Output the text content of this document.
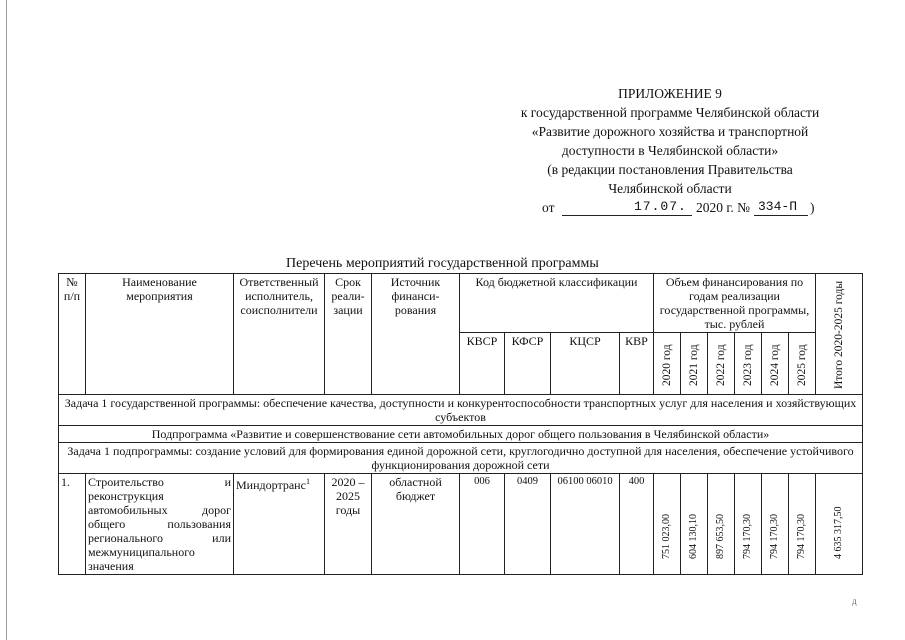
ПРИЛОЖЕНИЕ 9
к государственной программе Челябинской области
«Развитие дорожного хозяйства и транспортной
доступности в Челябинской области»
(в редакции постановления Правительства
Челябинской области
от	17.07. 2020 г. № 334-П )
Перечень мероприятий государственной программы
№ п/п	Наименование мероприятия	Ответственный исполнитель, соисполнители	Срок реали-зации	Источник финанси-рования	Код бюджетной классификации				Объем финансирования по годам реализации государственной программы, тыс. рублей						Итого 2020-2025 годы

					КВСР	КФСР	КЦСР	КВР	2020 год	2021 год	2022 год	2023 год	2024 год	2025 год	

Задача 1 государственной программы: обеспечение качества, доступности и конкурентоспособности транспортных услуг для населения и хозяйствующих субъектов															
Подпрограмма «Развитие и совершенствование сети автомобильных дорог общего пользования в Челябинской области»															
Задача 1 подпрограммы: создание условий для формирования единой дорожной сети, круглогодично доступной для населения, обеспечение устойчивого функционирования дорожной сети															
1.	Строительство и реконструкция автомобильных дорог общего пользования регионального или межмуниципального значения	Миндортранс$^1$	2020 – 2025 годы	областной бюджет	006	0409	06100 06010	400	751 023,00	604 130,10	897 653,50	794 170,30	794 170,30	794 170,30	4 635 317,50
д
